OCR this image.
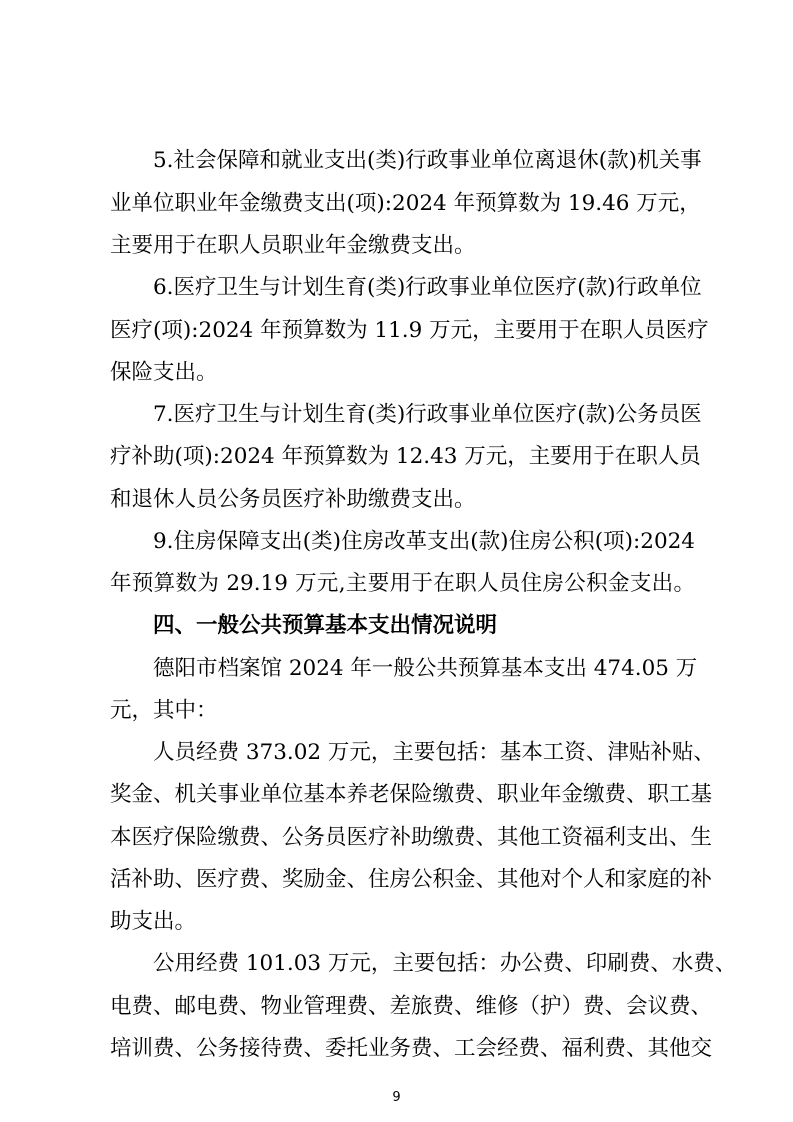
5.社会保障和就业支出(类)行政事业单位离退休(款)机关事
业单位职业年金缴费支出(项):2024 年预算数为 19.46 万元，
主要用于在职人员职业年金缴费支出。
6.医疗卫生与计划生育(类)行政事业单位医疗(款)行政单位
医疗(项):2024 年预算数为 11.9 万元，主要用于在职人员医疗
保险支出。
7.医疗卫生与计划生育(类)行政事业单位医疗(款)公务员医
疗补助(项):2024 年预算数为 12.43 万元，主要用于在职人员
和退休人员公务员医疗补助缴费支出。
9.住房保障支出(类)住房改革支出(款)住房公积(项):2024
年预算数为 29.19 万元,主要用于在职人员住房公积金支出。
四、一般公共预算基本支出情况说明
德阳市档案馆 2024 年一般公共预算基本支出 474.05 万
元，其中：
人员经费 373.02 万元，主要包括：基本工资、津贴补贴、
奖金、机关事业单位基本养老保险缴费、职业年金缴费、职工基
本医疗保险缴费、公务员医疗补助缴费、其他工资福利支出、生
活补助、医疗费、奖励金、住房公积金、其他对个人和家庭的补
助支出。
公用经费 101.03 万元，主要包括：办公费、印刷费、水费、
电费、邮电费、物业管理费、差旅费、维修（护）费、会议费、
培训费、公务接待费、委托业务费、工会经费、福利费、其他交
9
